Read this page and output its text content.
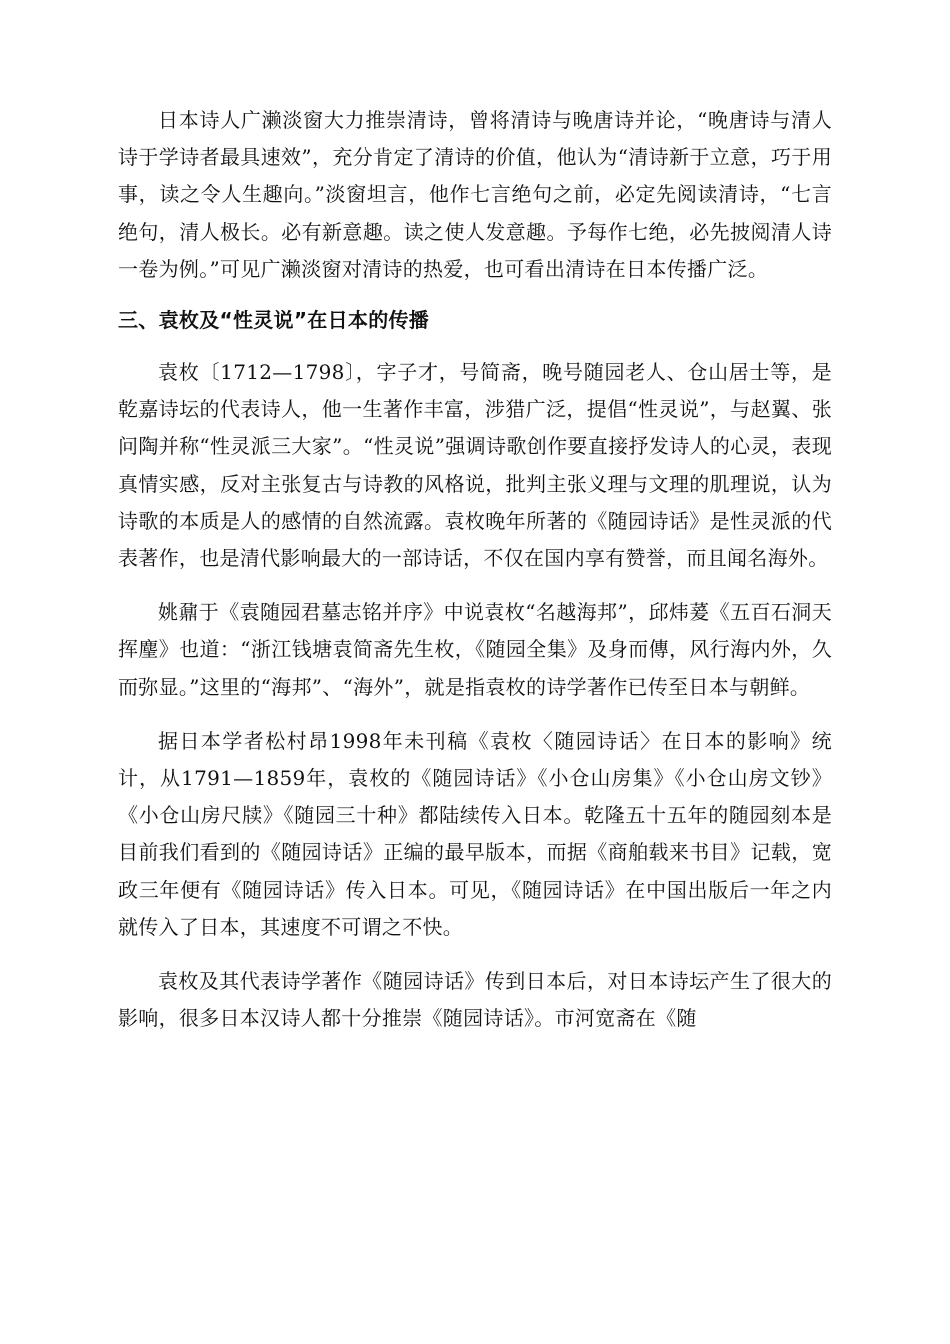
日本诗人广濑淡窗大力推崇清诗，曾将清诗与晚唐诗并论，“晚唐诗与清人诗于学诗者最具速效”，充分肯定了清诗的价值，他认为“清诗新于立意，巧于用事，读之令人生趣向。”淡窗坦言，他作七言绝句之前，必定先阅读清诗，“七言绝句，清人极长。必有新意趣。读之使人发意趣。予每作七绝，必先披阅清人诗一卷为例。”可见广濑淡窗对清诗的热爱，也可看出清诗在日本传播广泛。

三、袁枚及“性灵说”在日本的传播

袁枚〔1712—1798〕，字子才，号简斋，晚号随园老人、仓山居士等，是乾嘉诗坛的代表诗人，他一生著作丰富，涉猎广泛，提倡“性灵说”，与赵翼、张问陶并称“性灵派三大家”。“性灵说”强调诗歌创作要直接抒发诗人的心灵，表现真情实感，反对主张复古与诗教的风格说，批判主张义理与文理的肌理说，认为诗歌的本质是人的感情的自然流露。袁枚晚年所著的《随园诗话》是性灵派的代表著作，也是清代影响最大的一部诗话，不仅在国内享有赞誉，而且闻名海外。

姚鼐于《袁随园君墓志铭并序》中说袁枚“名越海邦”，邱炜萲《五百石洞天挥麈》也道：“浙江钱塘袁简斋先生枚，《随园全集》及身而傳，风行海内外，久而弥显。”这里的“海邦”、“海外”，就是指袁枚的诗学著作已传至日本与朝鲜。

据日本学者松村昂1998年未刊稿《袁枚〈随园诗话〉在日本的影响》统计，从1791—1859年，袁枚的《随园诗话》《小仓山房集》《小仓山房文钞》《小仓山房尺牍》《随园三十种》都陆续传入日本。乾隆五十五年的随园刻本是目前我们看到的《随园诗话》正编的最早版本，而据《商舶载来书目》记载，宽政三年便有《随园诗话》传入日本。可见，《随园诗话》在中国出版后一年之内就传入了日本，其速度不可谓之不快。

袁枚及其代表诗学著作《随园诗话》传到日本后，对日本诗坛产生了很大的影响，很多日本汉诗人都十分推崇《随园诗话》。市河宽斋在《随
